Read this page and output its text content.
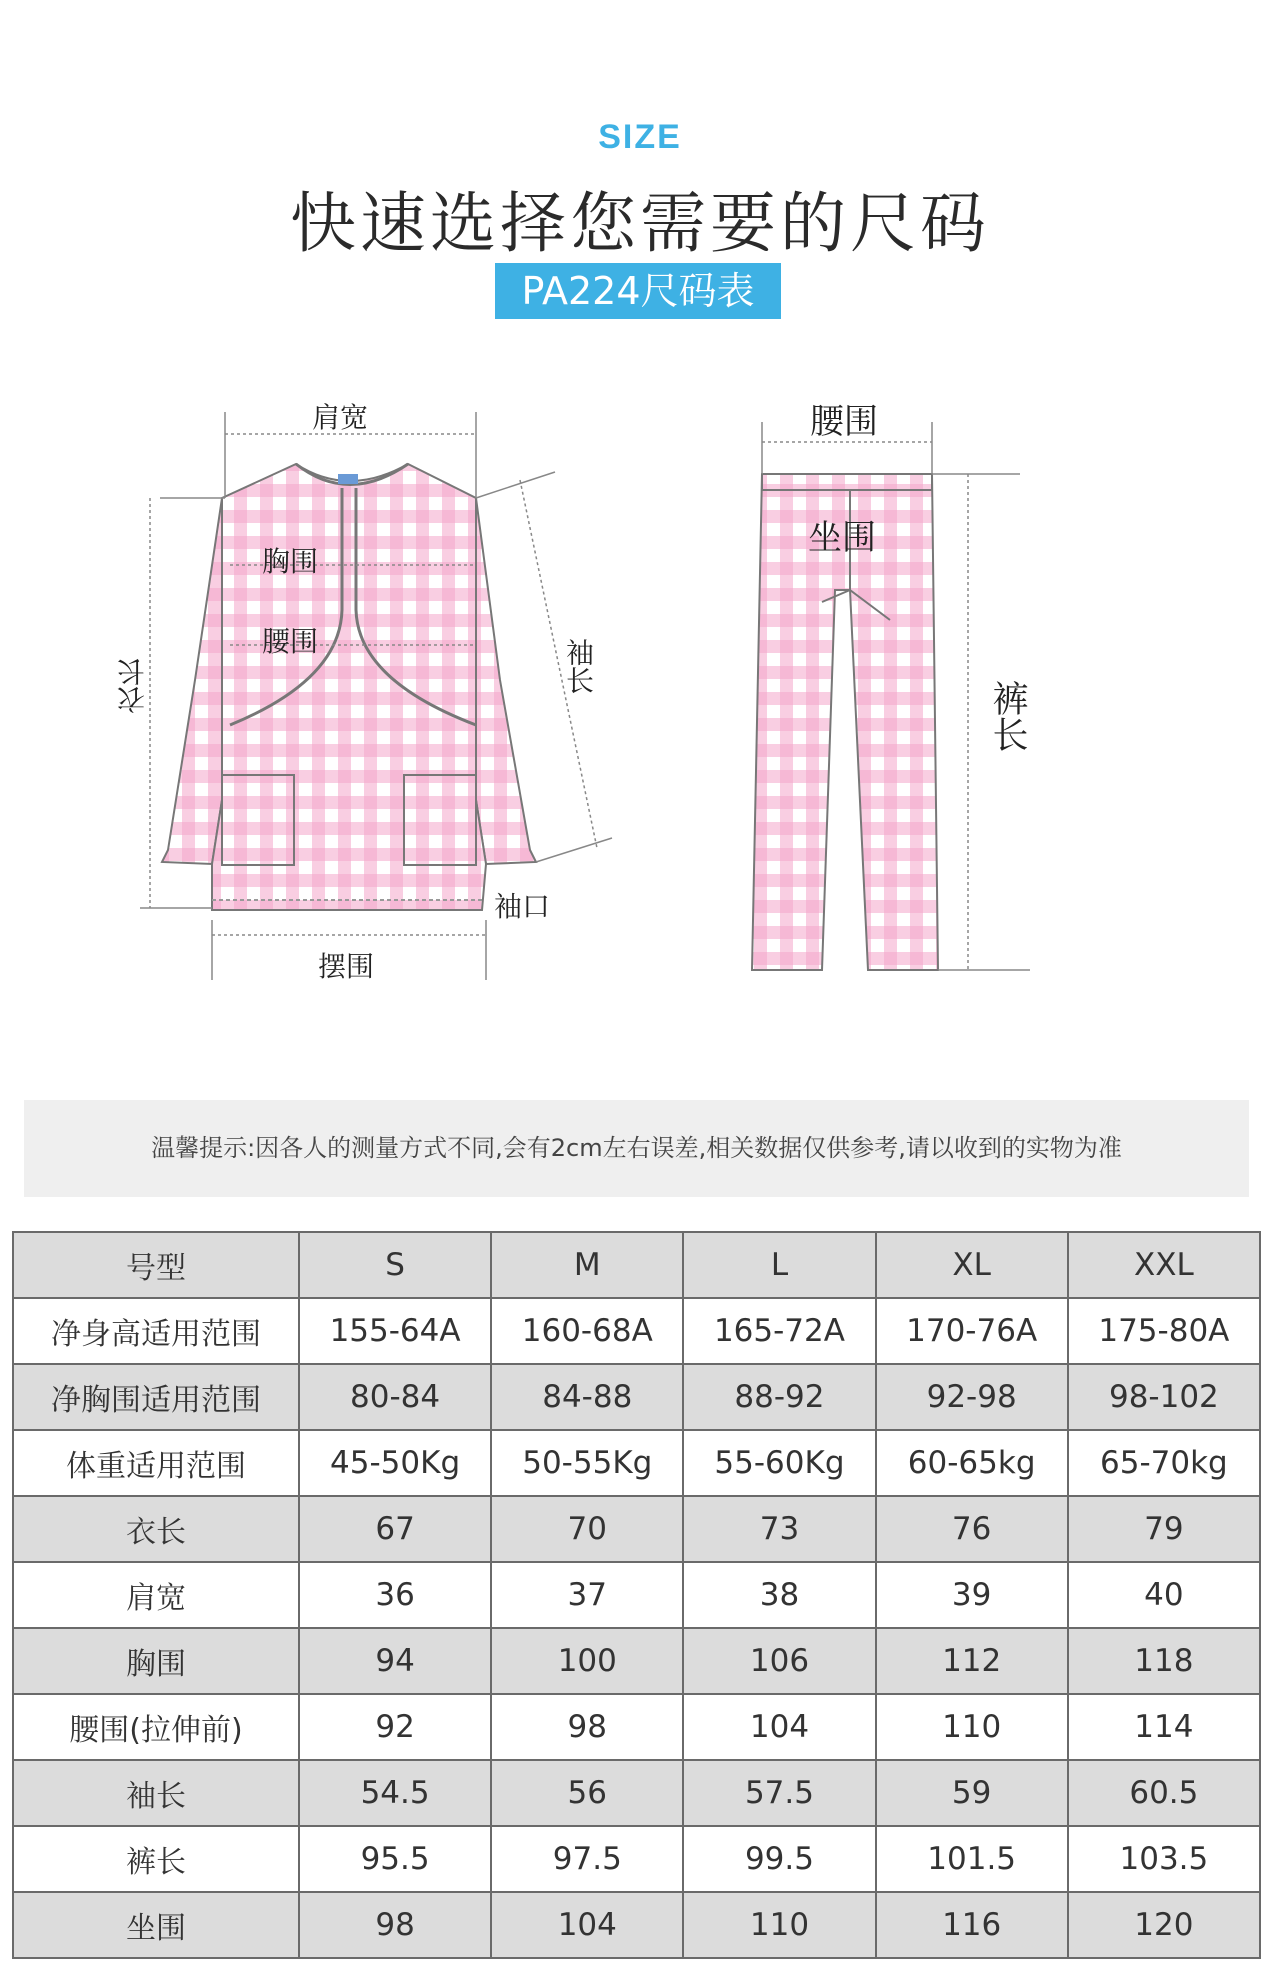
SIZE
快速选择您需要的尺码
PA224尺码表
肩宽
胸围
腰围
衣长	袖长
袖口
摆围
腰围
坐围
裤长
温馨提示:因各人的测量方式不同,会有2cm左右误差,相关数据仅供参考,请以收到的实物为准
号型	S	M	L	XL	XXL
净身高适用范围	155-64A	160-68A	165-72A	170-76A	175-80A
净胸围适用范围	80-84	84-88	88-92	92-98	98-102
体重适用范围	45-50Kg	50-55Kg	55-60Kg	60-65kg	65-70kg
衣长	67	70	73	76	79
肩宽	36	37	38	39	40
胸围	94	100	106	112	118
腰围(拉伸前)	92	98	104	110	114
袖长	54.5	56	57.5	59	60.5
裤长	95.5	97.5	99.5	101.5	103.5
坐围	98	104	110	116	120
